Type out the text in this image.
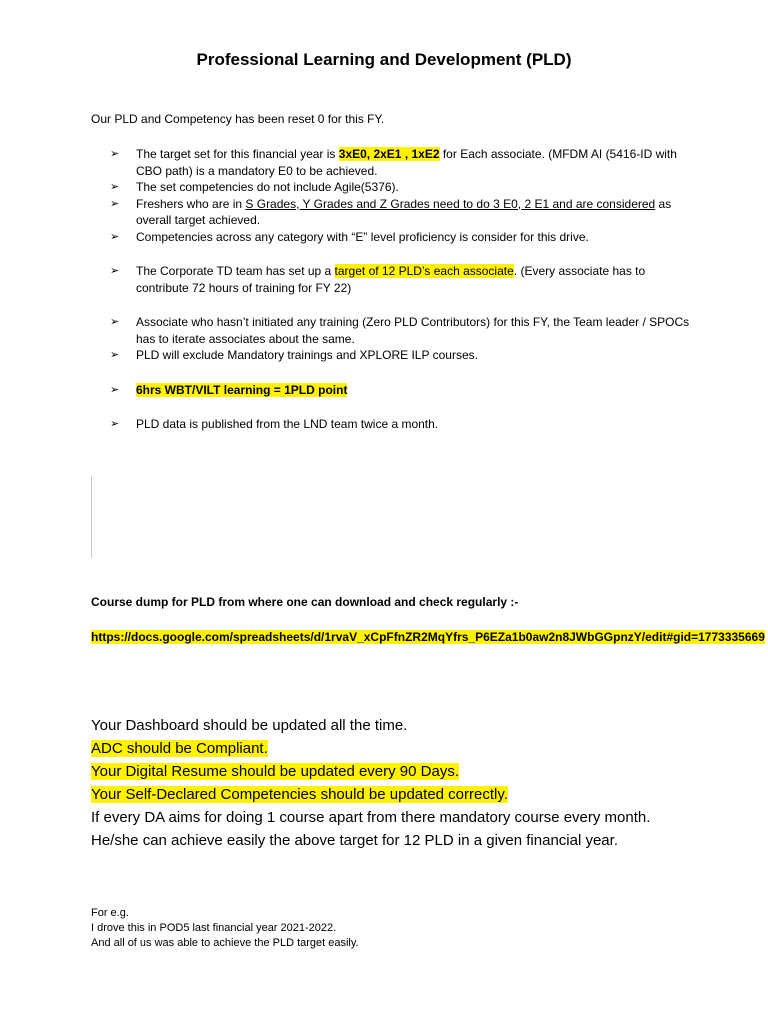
Professional Learning and Development (PLD)
Our PLD and Competency has been reset 0 for this FY.
➢ The target set for this financial year is 3xE0, 2xE1 , 1xE2 for Each associate. (MFDM AI (5416-ID with CBO path) is a mandatory E0 to be achieved.
➢ The set competencies do not include Agile(5376).
➢ Freshers who are in S Grades, Y Grades and Z Grades need to do 3 E0, 2 E1 and are considered as overall target achieved.
➢ Competencies across any category with “E” level proficiency is consider for this drive.
➢ The Corporate TD team has set up a target of 12 PLD’s each associate. (Every associate has to contribute 72 hours of training for FY 22)
➢ Associate who hasn’t initiated any training (Zero PLD Contributors) for this FY, the Team leader / SPOCs has to iterate associates about the same.
➢ PLD will exclude Mandatory trainings and XPLORE ILP courses.
➢ 6hrs WBT/VILT learning = 1PLD point
➢ PLD data is published from the LND team twice a month.
Course dump for PLD from where one can download and check regularly :-
https://docs.google.com/spreadsheets/d/1rvaV_xCpFfnZR2MqYfrs_P6EZa1b0aw2n8JWbGGpnzY/edit#gid=1773335669
Your Dashboard should be updated all the time.
ADC should be Compliant.
Your Digital Resume should be updated every 90 Days.
Your Self-Declared Competencies should be updated correctly.
If every DA aims for doing 1 course apart from there mandatory course every month.
He/she can achieve easily the above target for 12 PLD in a given financial year.
For e.g.
I drove this in POD5 last financial year 2021-2022.
And all of us was able to achieve the PLD target easily.
